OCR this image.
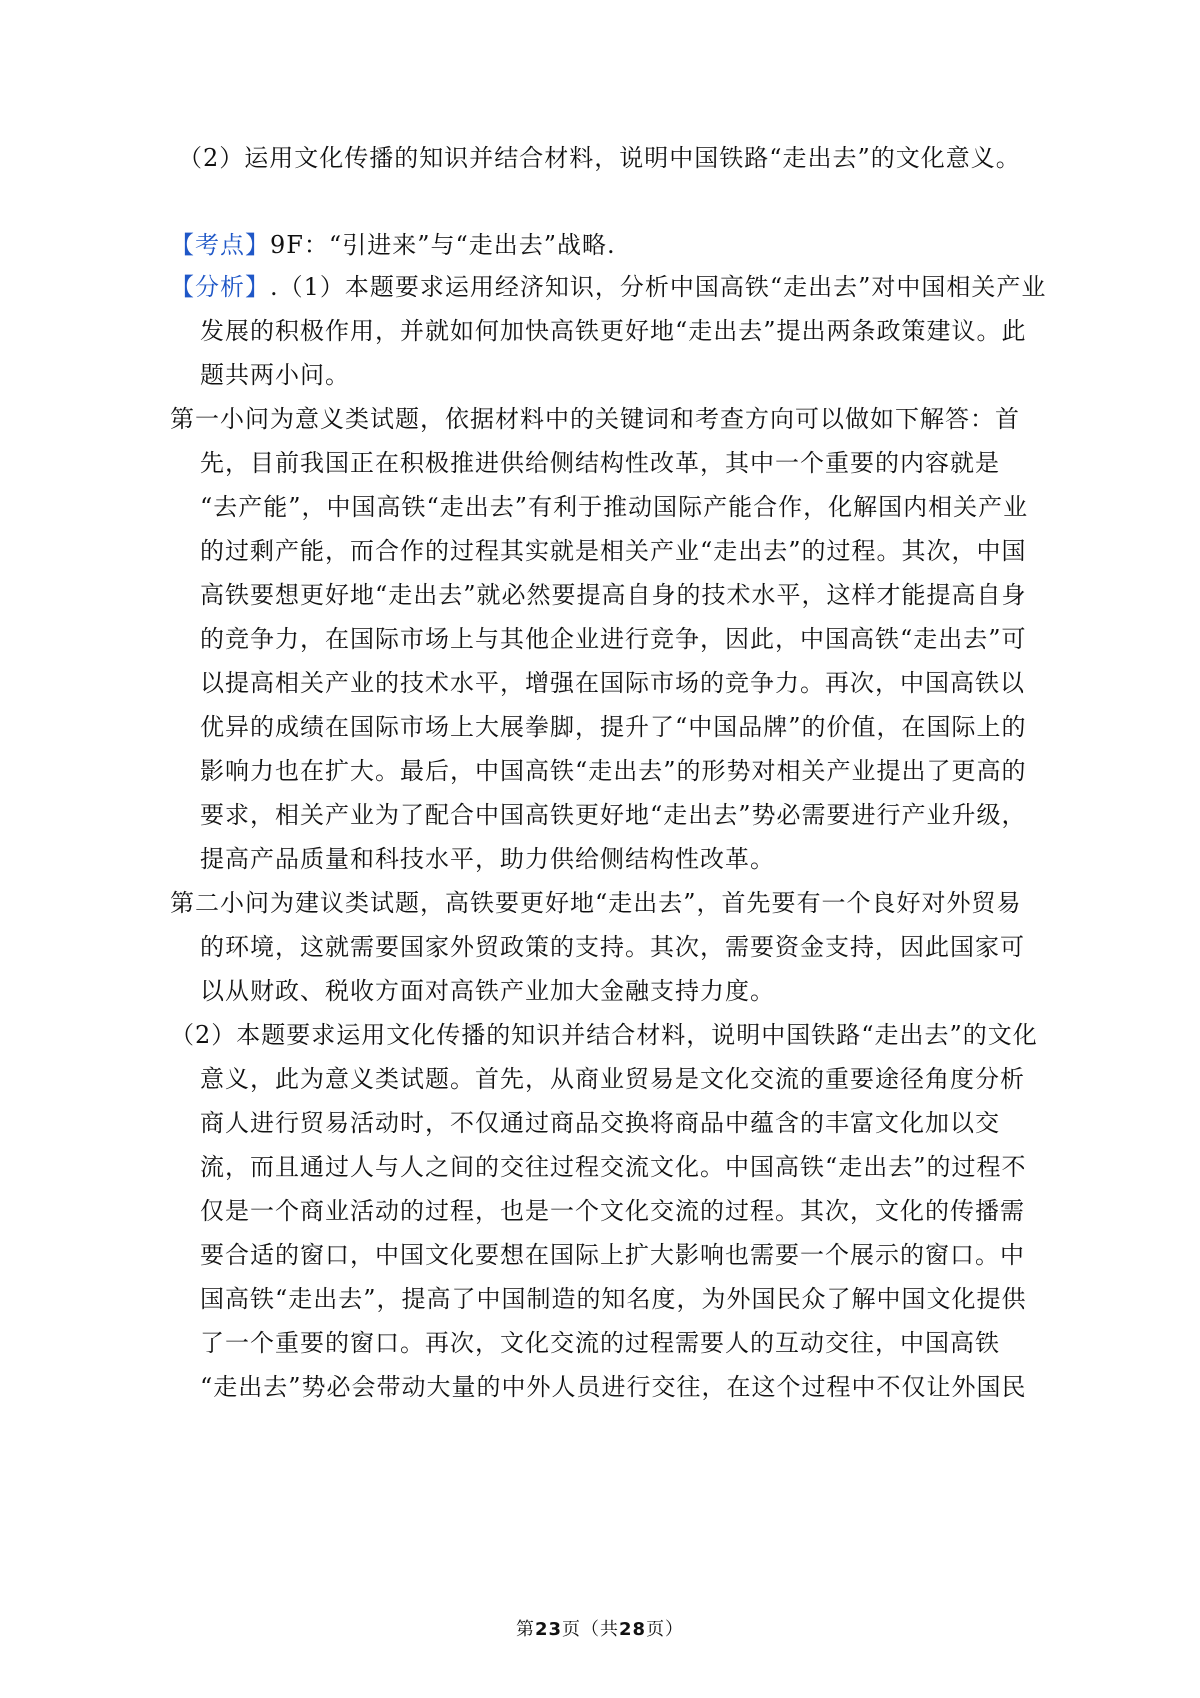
（2）运用文化传播的知识并结合材料，说明中国铁路“走出去”的文化意义。
【考点】9F：“引进来”与“走出去”战略.
【分析】.（1）本题要求运用经济知识，分析中国高铁“走出去”对中国相关产业
发展的积极作用，并就如何加快高铁更好地“走出去”提出两条政策建议。此
题共两小问。
第一小问为意义类试题，依据材料中的关键词和考查方向可以做如下解答：首
先，目前我国正在积极推进供给侧结构性改革，其中一个重要的内容就是
“去产能”，中国高铁“走出去”有利于推动国际产能合作，化解国内相关产业
的过剩产能，而合作的过程其实就是相关产业“走出去”的过程。其次，中国
高铁要想更好地“走出去”就必然要提高自身的技术水平，这样才能提高自身
的竞争力，在国际市场上与其他企业进行竞争，因此，中国高铁“走出去”可
以提高相关产业的技术水平，增强在国际市场的竞争力。再次，中国高铁以
优异的成绩在国际市场上大展拳脚，提升了“中国品牌”的价值，在国际上的
影响力也在扩大。最后，中国高铁“走出去”的形势对相关产业提出了更高的
要求，相关产业为了配合中国高铁更好地“走出去”势必需要进行产业升级，
提高产品质量和科技水平，助力供给侧结构性改革。
第二小问为建议类试题，高铁要更好地“走出去”，首先要有一个良好对外贸易
的环境，这就需要国家外贸政策的支持。其次，需要资金支持，因此国家可
以从财政、税收方面对高铁产业加大金融支持力度。
（2）本题要求运用文化传播的知识并结合材料，说明中国铁路“走出去”的文化
意义，此为意义类试题。首先，从商业贸易是文化交流的重要途径角度分析
商人进行贸易活动时，不仅通过商品交换将商品中蕴含的丰富文化加以交
流，而且通过人与人之间的交往过程交流文化。中国高铁“走出去”的过程不
仅是一个商业活动的过程，也是一个文化交流的过程。其次，文化的传播需
要合适的窗口，中国文化要想在国际上扩大影响也需要一个展示的窗口。中
国高铁“走出去”，提高了中国制造的知名度，为外国民众了解中国文化提供
了一个重要的窗口。再次，文化交流的过程需要人的互动交往，中国高铁
“走出去”势必会带动大量的中外人员进行交往，在这个过程中不仅让外国民
第23页（共28页）
